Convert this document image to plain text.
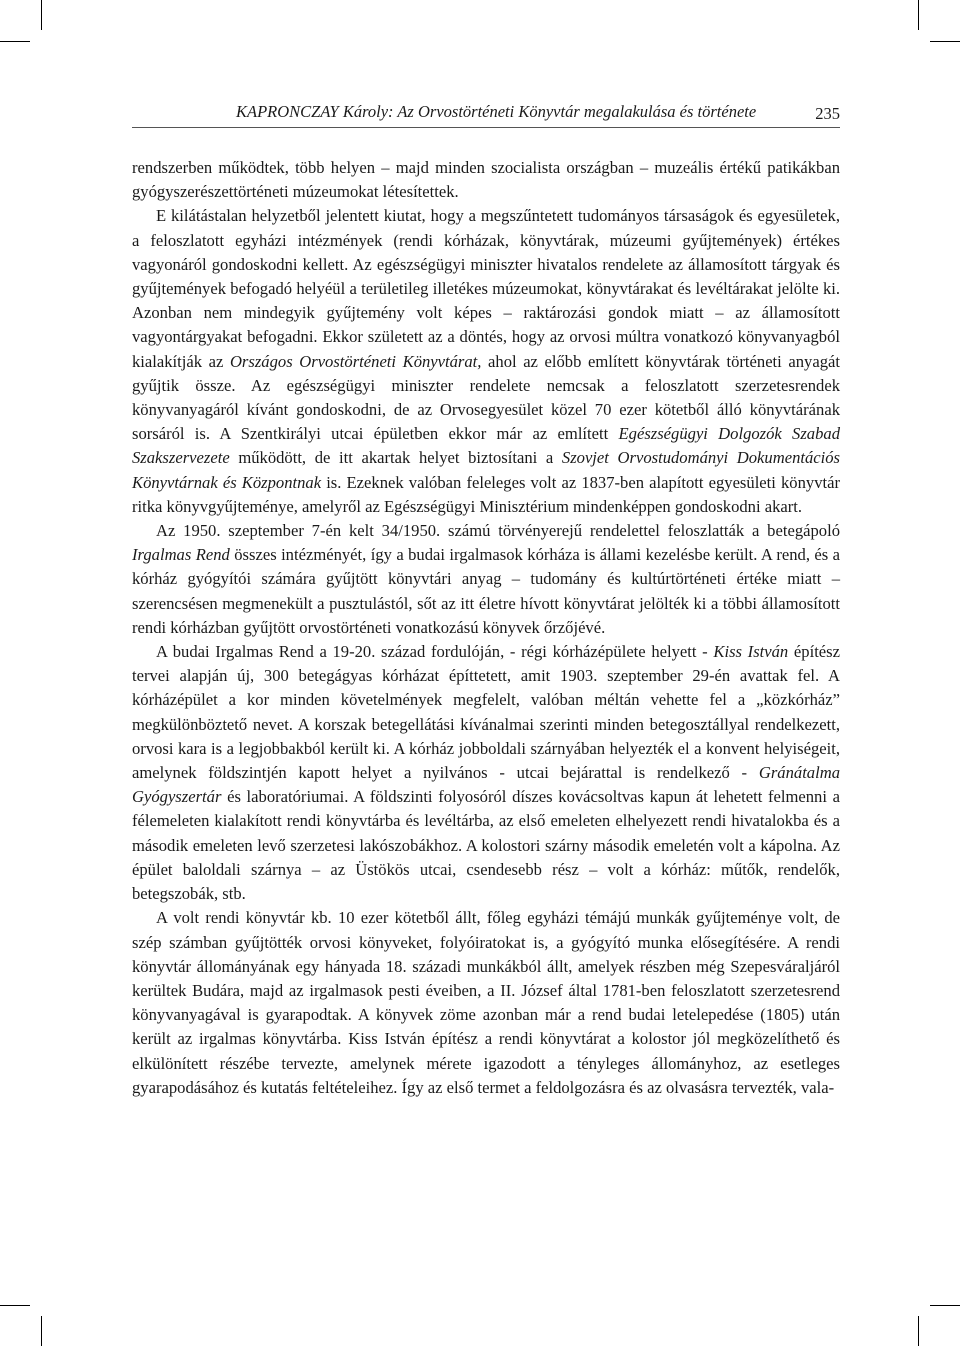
KAPRONCZAY Károly: Az Orvostörténeti Könyvtár megalakulása és története	235

rendszerben működtek, több helyen – majd minden szocialista országban – muzeális értékű patikákban gyógyszerészettörténeti múzeumokat létesítettek.

E kilátástalan helyzetből jelentett kiutat, hogy a megszűntetett tudományos társaságok és egyesületek, a feloszlatott egyházi intézmények (rendi kórházak, könyvtárak, múzeumi gyűjtemények) értékes vagyonáról gondoskodni kellett. Az egészségügyi miniszter hivatalos rendelete az államosított tárgyak és gyűjtemények befogadó helyéül a területileg illetékes múzeumokat, könyvtárakat és levéltárakat jelölte ki. Azonban nem mindegyik gyűjtemény volt képes – raktározási gondok miatt – az államosított vagyontárgyakat befogadni. Ekkor született az a döntés, hogy az orvosi múltra vonatkozó könyvanyagból kialakítják az Országos Orvostörténeti Könyvtárat, ahol az előbb említett könyvtárak történeti anyagát gyűjtik össze. Az egészségügyi miniszter rendelete nemcsak a feloszlatott szerzetesrendek könyvanyagáról kívánt gondoskodni, de az Orvosegyesület közel 70 ezer kötetből álló könyvtárának sorsáról is. A Szentkirályi utcai épületben ekkor már az említett Egészségügyi Dolgozók Szabad Szakszervezete működött, de itt akartak helyet biztosítani a Szovjet Orvostudományi Dokumentációs Könyvtárnak és Központnak is. Ezeknek valóban feleleges volt az 1837-ben alapított egyesületi könyvtár ritka könyvgyűjteménye, amelyről az Egészségügyi Minisztérium mindenképpen gondoskodni akart.

Az 1950. szeptember 7-én kelt 34/1950. számú törvényerejű rendelettel feloszlatták a betegápoló Irgalmas Rend összes intézményét, így a budai irgalmasok kórháza is állami kezelésbe került. A rend, és a kórház gyógyítói számára gyűjtött könyvtári anyag – tudomány és kultúrtörténeti értéke miatt – szerencsésen megmenekült a pusztulástól, sőt az itt életre hívott könyvtárat jelölték ki a többi államosított rendi kórházban gyűjtött orvostörténeti vonatkozású könyvek őrzőjévé.

A budai Irgalmas Rend a 19-20. század fordulóján, - régi kórházépülete helyett - Kiss István építész tervei alapján új, 300 betegágyas kórházat építtetett, amit 1903. szeptember 29-én avattak fel. A kórházépület a kor minden követelmények megfelelt, valóban méltán vehette fel a „közkórház” megkülönböztető nevet. A korszak betegellátási kívánalmai szerinti minden betegosztállyal rendelkezett, orvosi kara is a legjobbakból került ki. A kórház jobboldali szárnyában helyezték el a konvent helyiségeit, amelynek földszintjén kapott helyet a nyilvános - utcai bejárattal is rendelkező - Gránátalma Gyógyszertár és laboratóriumai. A földszinti folyosóról díszes kovácsoltvas kapun át lehetett felmenni a félemeleten kialakított rendi könyvtárba és levéltárba, az első emeleten elhelyezett rendi hivatalokba és a második emeleten levő szerzetesi lakószobákhoz. A kolostori szárny második emeletén volt a kápolna. Az épület baloldali szárnya – az Üstökös utcai, csendesebb rész – volt a kórház: műtők, rendelők, betegszobák, stb.

A volt rendi könyvtár kb. 10 ezer kötetből állt, főleg egyházi témájú munkák gyűjteménye volt, de szép számban gyűjtötték orvosi könyveket, folyóiratokat is, a gyógyító munka elősegítésére. A rendi könyvtár állományának egy hányada 18. századi munkákból állt, amelyek részben még Szepesváraljáról kerültek Budára, majd az irgalmasok pesti éveiben, a II. József által 1781-ben feloszlatott szerzetesrend könyvanyagával is gyarapodtak. A könyvek zöme azonban már a rend budai letelepedése (1805) után került az irgalmas könyvtárba. Kiss István építész a rendi könyvtárat a kolostor jól megközelíthető és elkülönített részébe tervezte, amelynek mérete igazodott a tényleges állományhoz, az esetleges gyarapodásához és kutatás feltételeihez. Így az első termet a feldolgozásra és az olvasásra tervezték, vala-
